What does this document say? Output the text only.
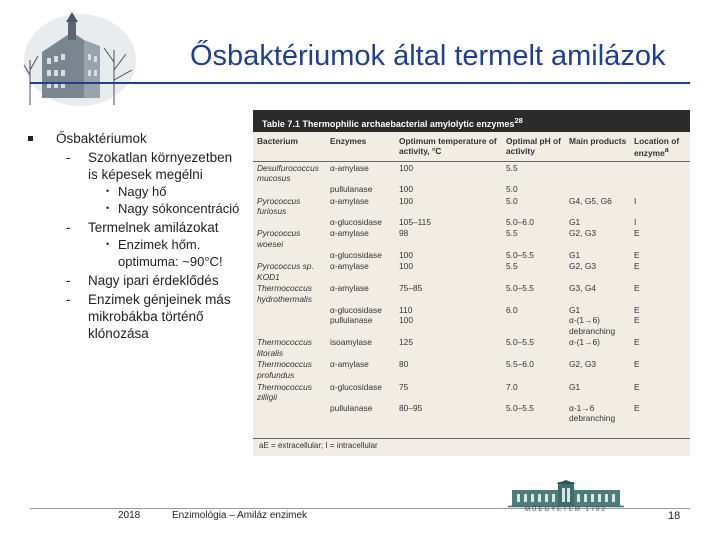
Ősbaktériumok által termelt amilázok
Ősbaktériumok
- Szokatlan környezetben is képesek megélni
• Nagy hő
• Nagy sókoncentráció
- Termelnek amilázokat
• Enzimek hőm. optimuma: ~90°C!
- Nagy ipari érdeklődés
- Enzimek génjeinek más mikrobákba történő klónozása
Table 7.1 Thermophilic archaebacterial amylolytic enzymes$^{28}$
Bacterium	Enzymes	Optimum temperature of activity, °C	Optimal pH of activity	Main products	Location of enzyme$^a$
Desulfurococcus mucosus	α-amylase	100	5.5		
	pullulanase	100	5.0		
Pyrococcus furiosus	α-amylase	100	5.0	G4, G5, G6	I
	α-glucosidase	105–115	5.0–6.0	G1	I
Pyrococcus woesei	α-amylase	98	5.5	G2, G3	E
	α-glucosidase	100	5.0–5.5	G1	E
Pyrococcus sp. KOD1	α-amylase	100	5.5	G2, G3	E
Thermococcus hydrothermalis	α-amylase	75–85	5.0–5.5	G3, G4	E
	α-glucosidase	110	6.0	G1	E
	pullulanase	100		α-(1→6)	E
				debranching	
Thermococcus litoralis	isoamylase	125	5.0–5.5	α-(1→6)	E
Thermococcus profundus	α-amylase	80	5.5–6.0	G2, G3	E
Thermococcus zilligii	α-glucosidase	75	7.0	G1	E
	pullulanase	80–95	5.0–5.5	α-1→6	E
				debranching	
aE = extracellular; I = intracellular
2018	Enzimológia – Amiláz enzimek	MŰEGYETEM 1782	18
